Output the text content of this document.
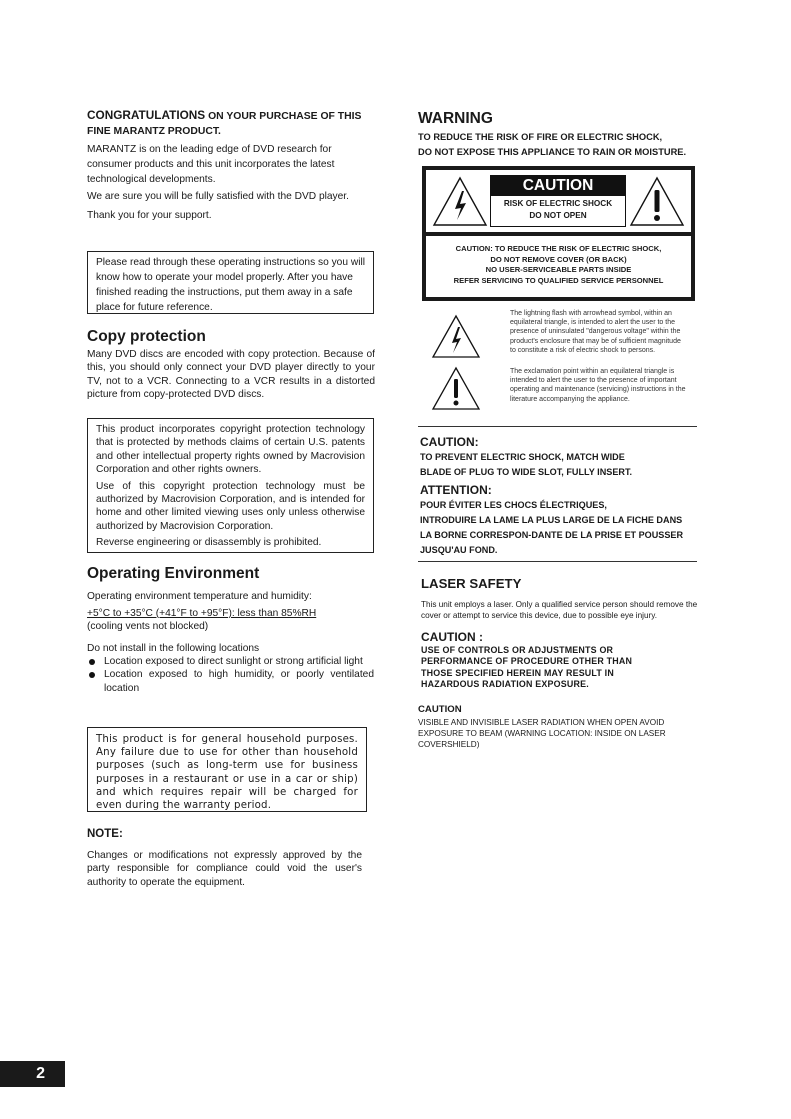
CONGRATULATIONS ON YOUR PURCHASE OF THIS
FINE MARANTZ PRODUCT.

MARANTZ is on the leading edge of DVD research for consumer products and this unit incorporates the latest technological developments.

We are sure you will be fully satisfied with the DVD player.

Thank you for your support.

Please read through these operating instructions so you will know how to operate your model properly. After you have finished reading the instructions, put them away in a safe place for future reference.

Copy protection

Many DVD discs are encoded with copy protection. Because of this, you should only connect your DVD player directly to your TV, not to a VCR. Connecting to a VCR results in a distorted picture from copy-protected DVD discs.

This product incorporates copyright protection technology that is protected by methods claims of certain U.S. patents and other intellectual property rights owned by Macrovision Corporation and other rights owners.

Use of this copyright protection technology must be authorized by Macrovision Corporation, and is intended for home and other limited viewing uses only unless otherwise authorized by Macrovision Corporation.

Reverse engineering or disassembly is prohibited.

Operating Environment

Operating environment temperature and humidity:

+5°C to +35°C (+41°F to +95°F): less than 85%RH

(cooling vents not blocked)

Do not install in the following locations

Location exposed to direct sunlight or strong artificial light
Location exposed to high humidity, or poorly ventilated location

This product is for general household purposes. Any failure due to use for other than household purposes (such as long-term use for business purposes in a restaurant or use in a car or ship) and which requires repair will be charged for even during the warranty period.

NOTE:

Changes or modifications not expressly approved by the party responsible for compliance could void the user's authority to operate the equipment.

WARNING
TO REDUCE THE RISK OF FIRE OR ELECTRIC SHOCK,
DO NOT EXPOSE THIS APPLIANCE TO RAIN OR MOISTURE.
CAUTION
RISK OF ELECTRIC SHOCK
DO NOT OPEN
CAUTION: TO REDUCE THE RISK OF ELECTRIC SHOCK,
DO NOT REMOVE COVER (OR BACK)
NO USER-SERVICEABLE PARTS INSIDE
REFER SERVICING TO QUALIFIED SERVICE PERSONNEL

The lightning flash with arrowhead symbol, within an equilateral triangle, is intended to alert the user to the presence of uninsulated "dangerous voltage" within the product's enclosure that may be of sufficient magnitude to constitute a risk of electric shock to persons.

The exclamation point within an equilateral triangle is intended to alert the user to the presence of important operating and maintenance (servicing) instructions in the literature accompanying the appliance.

CAUTION:
TO PREVENT ELECTRIC SHOCK, MATCH WIDE
BLADE OF PLUG TO WIDE SLOT, FULLY INSERT.
ATTENTION:
POUR ÉVITER LES CHOCS ÉLECTRIQUES,
INTRODUIRE LA LAME LA PLUS LARGE DE LA FICHE DANS
LA BORNE CORRESPON-DANTE DE LA PRISE ET POUSSER
JUSQU'AU FOND.
LASER SAFETY

This unit employs a laser. Only a qualified service person should remove the cover or attempt to service this device, due to possible eye injury.

CAUTION :
USE OF CONTROLS OR ADJUSTMENTS OR
PERFORMANCE OF PROCEDURE OTHER THAN
THOSE SPECIFIED HEREIN MAY RESULT IN
HAZARDOUS RADIATION EXPOSURE.
CAUTION

VISIBLE AND INVISIBLE LASER RADIATION WHEN OPEN AVOID EXPOSURE TO BEAM (WARNING LOCATION: INSIDE ON LASER COVERSHIELD)

2
